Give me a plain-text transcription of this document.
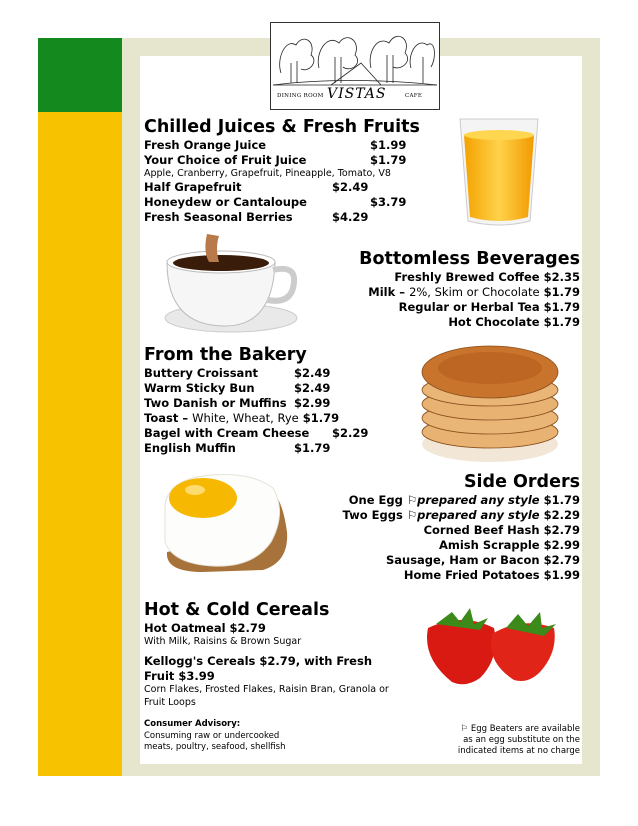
DINING ROOM VISTAS	CAFE
Chilled Juices & Fresh Fruits
Fresh Orange Juice	$1.99
Your Choice of Fruit Juice	$1.79
Apple, Cranberry, Grapefruit, Pineapple, Tomato, V8
Half Grapefruit	$2.49
Honeydew or Cantaloupe	$3.79
Fresh Seasonal Berries	$4.29
Bottomless Beverages
Freshly Brewed Coffee $2.35
Milk – 2%, Skim or Chocolate $1.79
Regular or Herbal Tea $1.79
Hot Chocolate $1.79
From the Bakery
Buttery Croissant	$2.49
Warm Sticky Bun	$2.49
Two Danish or Muffins $2.99
Toast – White, Wheat, Rye $1.79
Bagel with Cream Cheese $2.29
English Muffin	$1.79
Side Orders
One Egg ⚐prepared any style $1.79
Two Eggs ⚐prepared any style $2.29
Corned Beef Hash $2.79
Amish Scrapple $2.99
Sausage, Ham or Bacon $2.79
Home Fried Potatoes $1.99
Hot & Cold Cereals
Hot Oatmeal $2.79
With Milk, Raisins & Brown Sugar
Kellogg's Cereals $2.79, with Fresh Fruit $3.99
Corn Flakes, Frosted Flakes, Raisin Bran, Granola or Fruit Loops
Consumer Advisory:
Consuming raw or undercooked
meats, poultry, seafood, shellfish
⚐ Egg Beaters are available
as an egg substitute on the
indicated items at no charge
